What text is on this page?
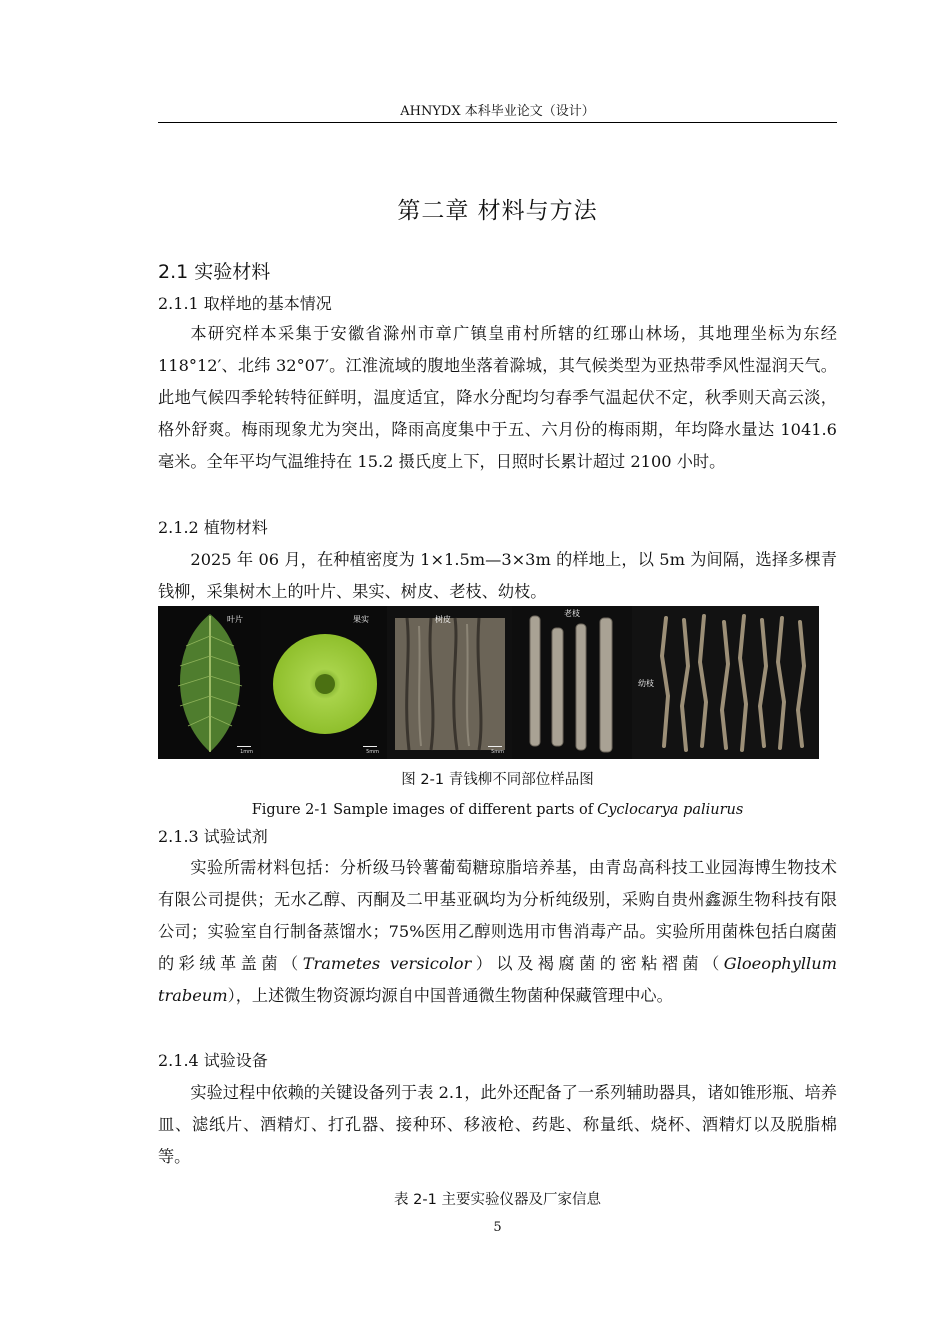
AHNYDX 本科毕业论文（设计）
第二章 材料与方法
2.1 实验材料
2.1.1 取样地的基本情况
本研究样本采集于安徽省滁州市章广镇皇甫村所辖的红琊山林场，其地理坐标为东经 118°12′、北纬 32°07′。江淮流域的腹地坐落着滁城，其气候类型为亚热带季风性湿润天气。此地气候四季轮转特征鲜明，温度适宜，降水分配均匀春季气温起伏不定，秋季则天高云淡，格外舒爽。梅雨现象尤为突出，降雨高度集中于五、六月份的梅雨期，年均降水量达 1041.6 毫米。全年平均气温维持在 15.2 摄氏度上下，日照时长累计超过 2100 小时。
2.1.2 植物材料
2025 年 06 月，在种植密度为 1×1.5m—3×3m 的样地上，以 5m 为间隔，选择多棵青钱柳，采集树木上的叶片、果实、树皮、老枝、幼枝。
叶片
1mm
果实
5mm
树皮
5mm
老枝
幼枝
图 2-1 青钱柳不同部位样品图
Figure 2-1 Sample images of different parts of Cyclocarya paliurus
2.1.3 试验试剂
实验所需材料包括：分析级马铃薯葡萄糖琼脂培养基，由青岛高科技工业园海博生物技术有限公司提供；无水乙醇、丙酮及二甲基亚砜均为分析纯级别，采购自贵州鑫源生物科技有限公司；实验室自行制备蒸馏水；75%医用乙醇则选用市售消毒产品。实验所用菌株包括白腐菌的彩绒革盖菌（Trametes versicolor）以及褐腐菌的密粘褶菌（Gloeophyllum trabeum），上述微生物资源均源自中国普通微生物菌种保藏管理中心。
2.1.4 试验设备
实验过程中依赖的关键设备列于表 2.1，此外还配备了一系列辅助器具，诸如锥形瓶、培养皿、滤纸片、酒精灯、打孔器、接种环、移液枪、药匙、称量纸、烧杯、酒精灯以及脱脂棉等。
表 2-1 主要实验仪器及厂家信息
5
